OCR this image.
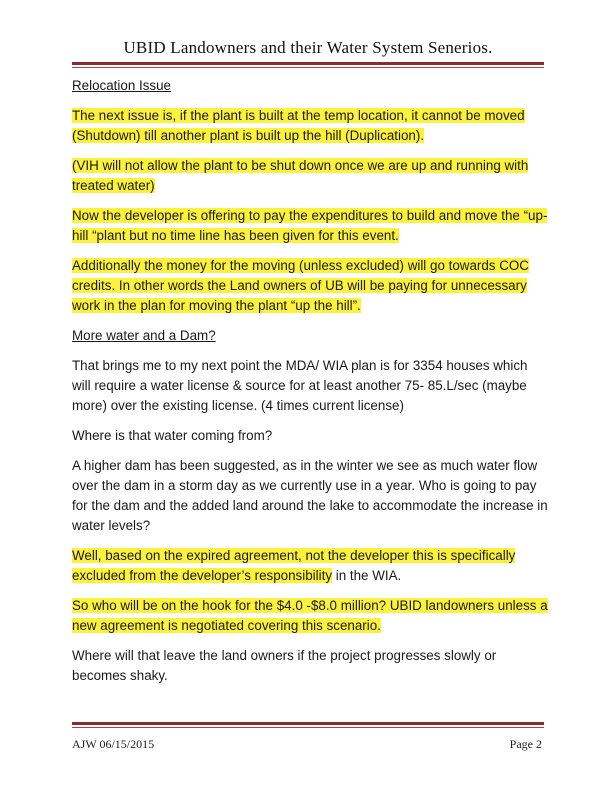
UBID Landowners and their Water System Senerios.

Relocation Issue

The next issue is, if the plant is built at the temp location, it cannot be moved (Shutdown) till another plant is built up the hill (Duplication).

(VIH will not allow the plant to be shut down once we are up and running with treated water)

Now the developer is offering to pay the expenditures to build and move the “up-hill “plant but no time line has been given for this event.

Additionally the money for the moving (unless excluded) will go towards COC credits. In other words the Land owners of UB will be paying for unnecessary work in the plan for moving the plant “up the hill”.

More water and a Dam?

That brings me to my next point the MDA/ WIA plan is for 3354 houses which will require a water license & source for at least another 75- 85.L/sec (maybe more) over the existing license. (4 times current license)

Where is that water coming from?

A higher dam has been suggested, as in the winter we see as much water flow over the dam in a storm day as we currently use in a year. Who is going to pay for the dam and the added land around the lake to accommodate the increase in water levels?

Well, based on the expired agreement, not the developer this is specifically excluded from the developer’s responsibility in the WIA.

So who will be on the hook for the $4.0 -$8.0 million? UBID landowners unless a new agreement is negotiated covering this scenario.

Where will that leave the land owners if the project progresses slowly or becomes shaky.

AJW 06/15/2015	Page 2
